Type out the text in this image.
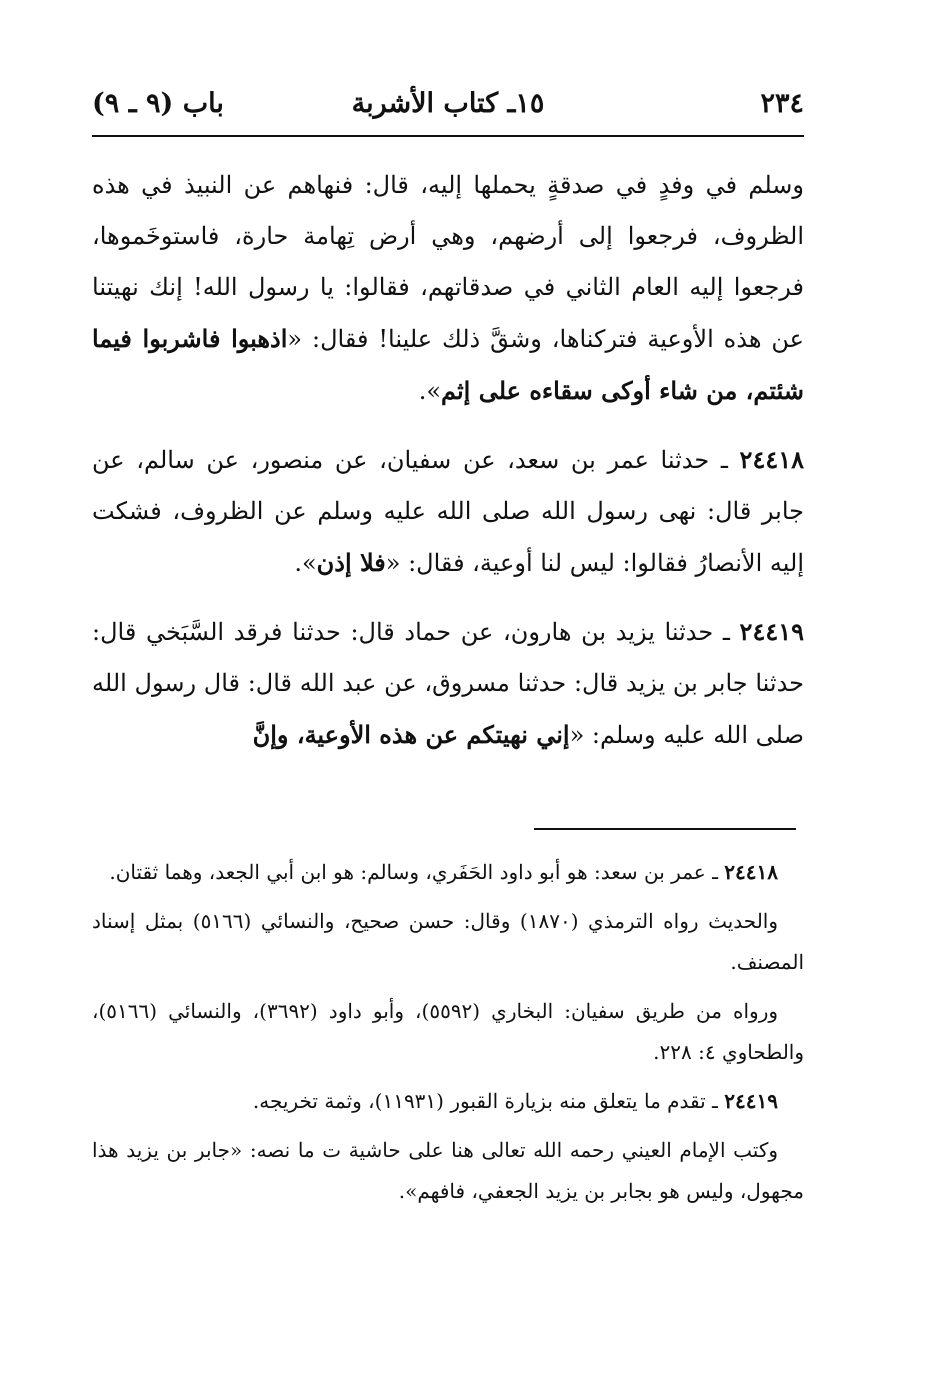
٢٣٤
١٥ـ كتاب الأشربة
باب (٩ ـ ٩)

وسلم في وفدٍ في صدقةٍ يحملها إليه، قال: فنهاهم عن النبيذ في هذه الظروف، فرجعوا إلى أرضهم، وهي أرض تِهامة حارة، فاستوخَموها، فرجعوا إليه العام الثاني في صدقاتهم، فقالوا: يا رسول الله! إنك نهيتنا عن هذه الأوعية فتركناها، وشقَّ ذلك علينا! فقال: «اذهبوا فاشربوا فيما شئتم، من شاء أوكى سقاءه على إثم».

٢٤٤١٨ ـ حدثنا عمر بن سعد، عن سفيان، عن منصور، عن سالم، عن جابر قال: نهى رسول الله صلى الله عليه وسلم عن الظروف، فشكت إليه الأنصارُ فقالوا: ليس لنا أوعية، فقال: «فلا إذن».

٢٤٤١٩ ـ حدثنا يزيد بن هارون، عن حماد قال: حدثنا فرقد السَّبَخي قال: حدثنا جابر بن يزيد قال: حدثنا مسروق، عن عبد الله قال: قال رسول الله صلى الله عليه وسلم: «إني نهيتكم عن هذه الأوعية، وإنَّ

٢٤٤١٨ ـ عمر بن سعد: هو أبو داود الحَفَري، وسالم: هو ابن أبي الجعد، وهما ثقتان.

والحديث رواه الترمذي (١٨٧٠) وقال: حسن صحيح، والنسائي (٥١٦٦) بمثل إسناد المصنف.

ورواه من طريق سفيان: البخاري (٥٥٩٢)، وأبو داود (٣٦٩٢)، والنسائي (٥١٦٦)، والطحاوي ٤: ٢٢٨.

٢٤٤١٩ ـ تقدم ما يتعلق منه بزيارة القبور (١١٩٣١)، وثمة تخريجه.

وكتب الإمام العيني رحمه الله تعالى هنا على حاشية ت ما نصه: «جابر بن يزيد هذا مجهول، وليس هو بجابر بن يزيد الجعفي، فافهم».
